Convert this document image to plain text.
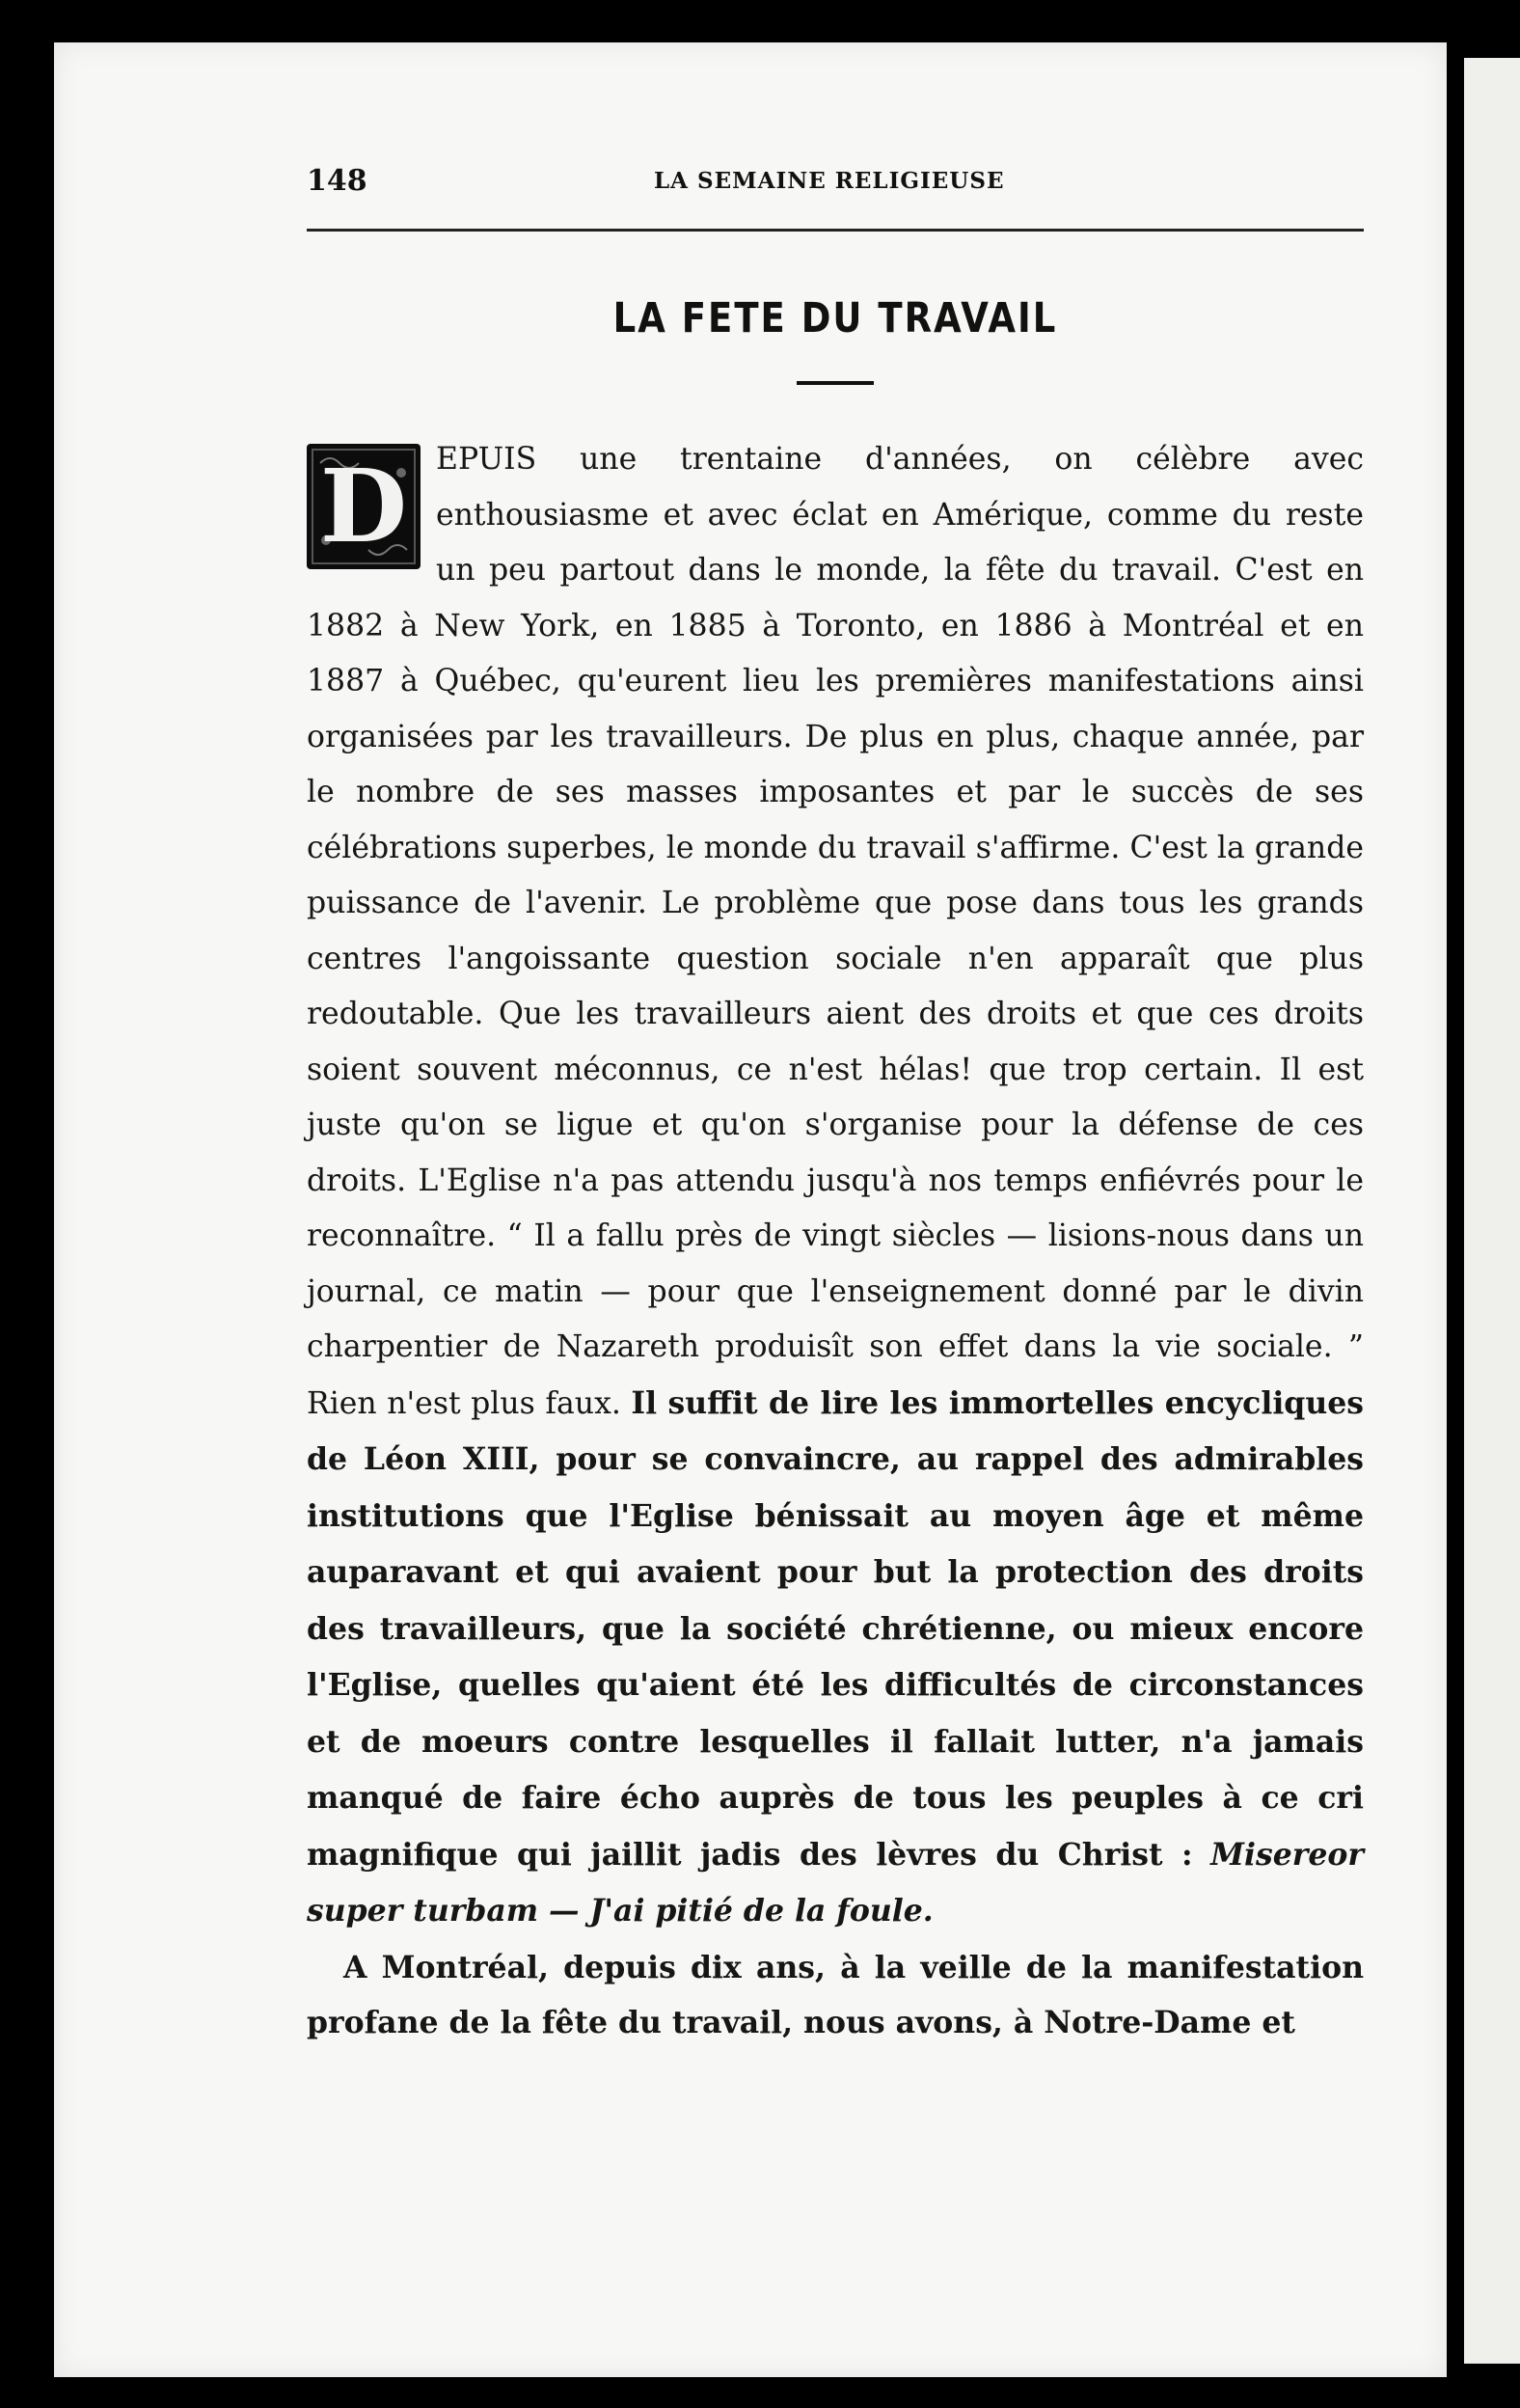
148	LA SEMAINE RELIGIEUSE
LA FETE DU TRAVAIL

D EPUIS une trentaine d'années, on célèbre avec enthousiasme et avec éclat en Amérique, comme du reste un peu partout dans le monde, la fête du travail. C'est en 1882 à New York, en 1885 à Toronto, en 1886 à Montréal et en 1887 à Québec, qu'eurent lieu les premières manifestations ainsi organisées par les travailleurs. De plus en plus, chaque année, par le nombre de ses masses imposantes et par le succès de ses célébrations superbes, le monde du travail s'affirme. C'est la grande puissance de l'avenir. Le problème que pose dans tous les grands centres l'angoissante question sociale n'en apparaît que plus redoutable. Que les travailleurs aient des droits et que ces droits soient souvent méconnus, ce n'est hélas! que trop certain. Il est juste qu'on se ligue et qu'on s'organise pour la défense de ces droits. L'Eglise n'a pas attendu jusqu'à nos temps enfiévrés pour le reconnaître. “ Il a fallu près de vingt siècles — lisions-nous dans un journal, ce matin — pour que l'enseignement donné par le divin charpentier de Nazareth produisît son effet dans la vie sociale. ” Rien n'est plus faux. Il suffit de lire les immortelles encycliques de Léon XIII, pour se convaincre, au rappel des admirables institutions que l'Eglise bénissait au moyen âge et même auparavant et qui avaient pour but la protection des droits des travailleurs, que la société chrétienne, ou mieux encore l'Eglise, quelles qu'aient été les difficultés de circonstances et de moeurs contre lesquelles il fallait lutter, n'a jamais manqué de faire écho auprès de tous les peuples à ce cri magnifique qui jaillit jadis des lèvres du Christ : Misereor super turbam — J'ai pitié de la foule.

A Montréal, depuis dix ans, à la veille de la manifestation profane de la fête du travail, nous avons, à Notre-Dame et
